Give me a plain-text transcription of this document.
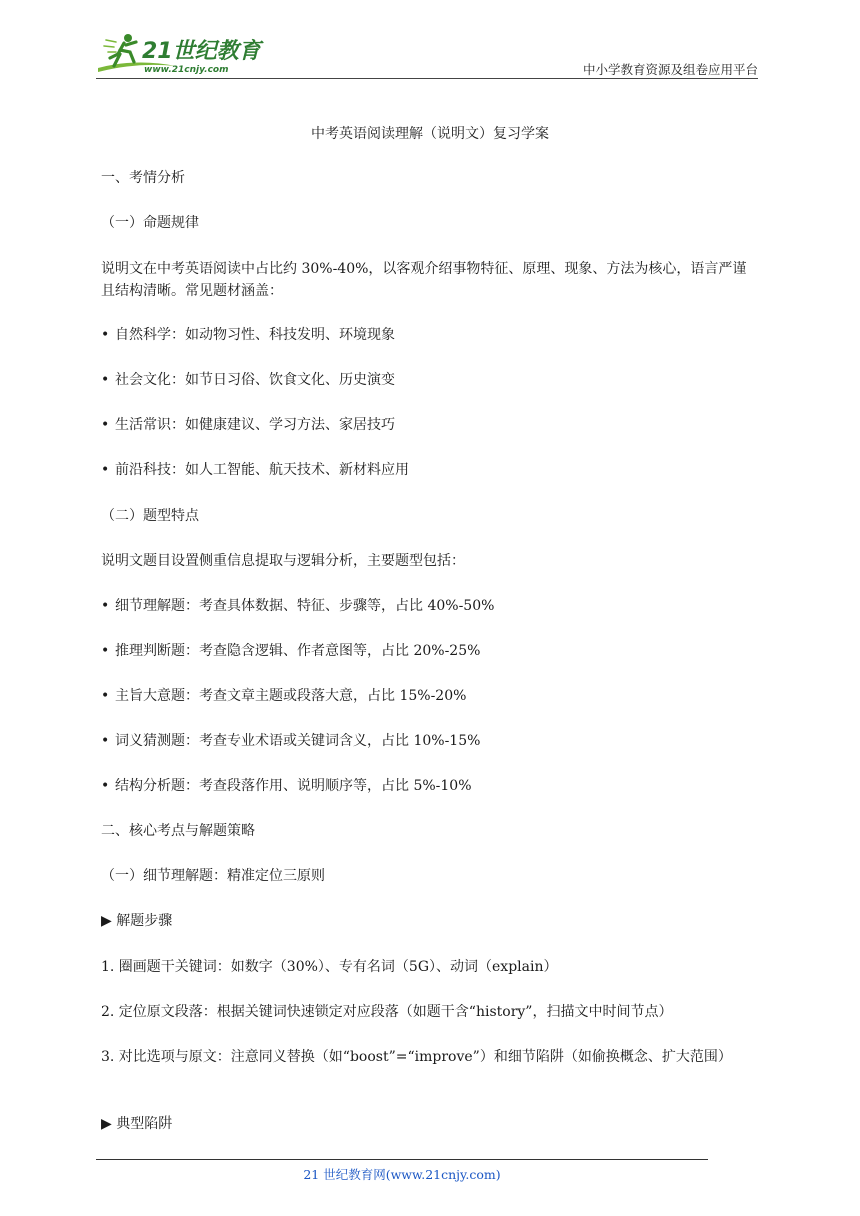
21世纪教育
www.21cnjy.com	中小学教育资源及组卷应用平台
中考英语阅读理解（说明文）复习学案
一、考情分析
（一）命题规律
说明文在中考英语阅读中占比约 30%-40%，以客观介绍事物特征、原理、现象、方法为核心，语言严谨且结构清晰。常见题材涵盖：
• 自然科学：如动物习性、科技发明、环境现象
• 社会文化：如节日习俗、饮食文化、历史演变
• 生活常识：如健康建议、学习方法、家居技巧
• 前沿科技：如人工智能、航天技术、新材料应用
（二）题型特点
说明文题目设置侧重信息提取与逻辑分析，主要题型包括：
• 细节理解题：考查具体数据、特征、步骤等，占比 40%-50%
• 推理判断题：考查隐含逻辑、作者意图等，占比 20%-25%
• 主旨大意题：考查文章主题或段落大意，占比 15%-20%
• 词义猜测题：考查专业术语或关键词含义，占比 10%-15%
• 结构分析题：考查段落作用、说明顺序等，占比 5%-10%
二、核心考点与解题策略
（一）细节理解题：精准定位三原则
▶ 解题步骤
1. 圈画题干关键词：如数字（30%）、专有名词（5G）、动词（explain）
2. 定位原文段落：根据关键词快速锁定对应段落（如题干含“history”，扫描文中时间节点）
3. 对比选项与原文：注意同义替换（如“boost”=“improve”）和细节陷阱（如偷换概念、扩大范围）
▶ 典型陷阱
21 世纪教育网(www.21cnjy.com)
